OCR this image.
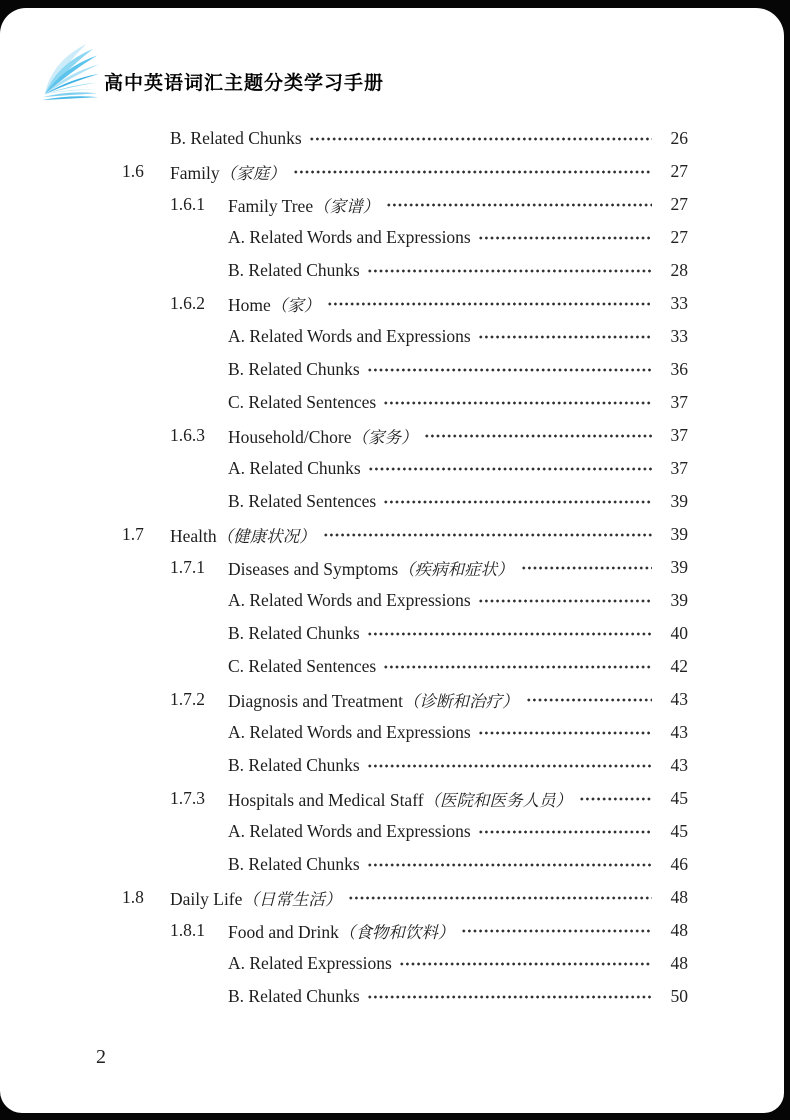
高中英语词汇主题分类学习手册
B. Related Chunks	26
1.6	Family（家庭）	27
1.6.1	Family Tree（家谱）	27
A. Related Words and Expressions	27
B. Related Chunks	28
1.6.2	Home（家）	33
A. Related Words and Expressions	33
B. Related Chunks	36
C. Related Sentences	37
1.6.3	Household/Chore（家务）	37
A. Related Chunks	37
B. Related Sentences	39
1.7	Health（健康状况）	39
1.7.1	Diseases and Symptoms（疾病和症状）	39
A. Related Words and Expressions	39
B. Related Chunks	40
C. Related Sentences	42
1.7.2	Diagnosis and Treatment（诊断和治疗）	43
A. Related Words and Expressions	43
B. Related Chunks	43
1.7.3	Hospitals and Medical Staff（医院和医务人员）	45
A. Related Words and Expressions	45
B. Related Chunks	46
1.8	Daily Life（日常生活）	48
1.8.1	Food and Drink（食物和饮料）	48
A. Related Expressions	48
B. Related Chunks	50
2
